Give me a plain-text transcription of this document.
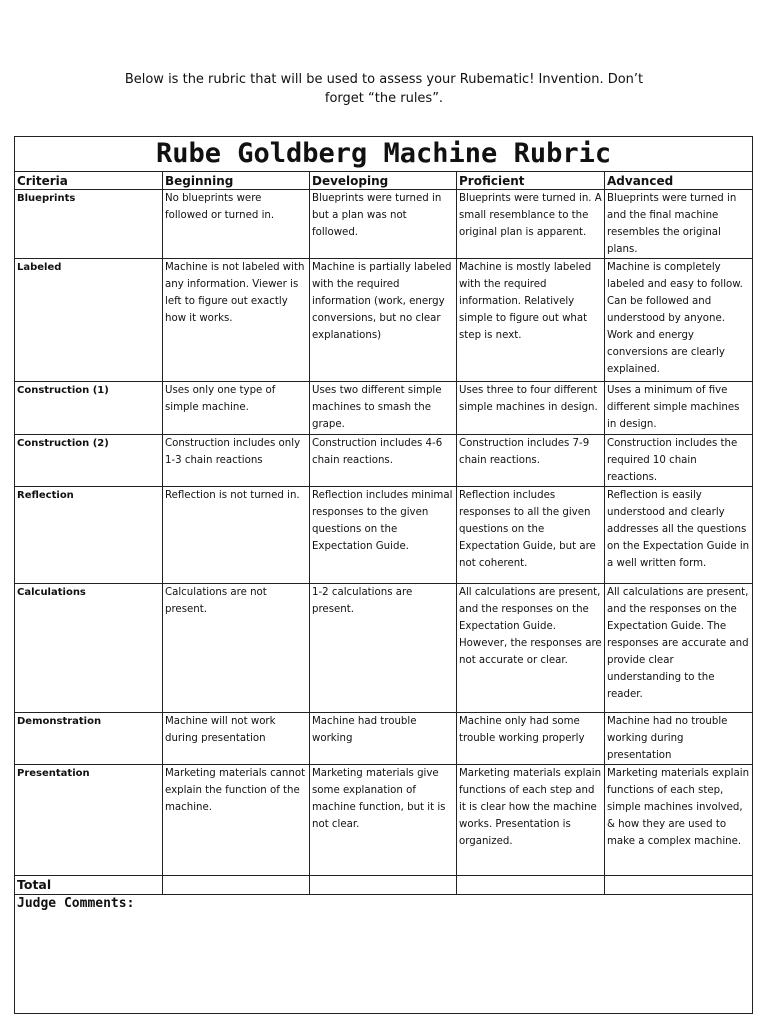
Below is the rubric that will be used to assess your Rubematic! Invention. Don’t
forget “the rules”.
Rube Goldberg Machine Rubric				
Criteria	Beginning	Developing	Proficient	Advanced
Blueprints	No blueprints were followed or turned in.	Blueprints were turned in but a plan was not followed.	Blueprints were turned in. A small resemblance to the original plan is apparent.	Blueprints were turned in and the final machine resembles the original plans.
Labeled	Machine is not labeled with any information. Viewer is left to figure out exactly how it works.	Machine is partially labeled with the required information (work, energy conversions, but no clear explanations)	Machine is mostly labeled with the required information. Relatively simple to figure out what step is next.	Machine is completely labeled and easy to follow. Can be followed and understood by anyone. Work and energy conversions are clearly explained.
Construction (1)	Uses only one type of simple machine.	Uses two different simple machines to smash the grape.	Uses three to four different simple machines in design.	Uses a minimum of five different simple machines in design.
Construction (2)	Construction includes only 1-3 chain reactions	Construction includes 4-6 chain reactions.	Construction includes 7-9 chain reactions.	Construction includes the required 10 chain reactions.
Reflection	Reflection is not turned in.	Reflection includes minimal responses to the given questions on the Expectation Guide.	Reflection includes responses to all the given questions on the Expectation Guide, but are not coherent.	Reflection is easily understood and clearly addresses all the questions on the Expectation Guide in a well written form.
Calculations	Calculations are not present.	1-2 calculations are present.	All calculations are present, and the responses on the Expectation Guide. However, the responses are not accurate or clear.	All calculations are present, and the responses on the Expectation Guide. The responses are accurate and provide clear understanding to the reader.
Demonstration	Machine will not work during presentation	Machine had trouble working	Machine only had some trouble working properly	Machine had no trouble working during presentation
Presentation	Marketing materials cannot explain the function of the machine.	Marketing materials give some explanation of machine function, but it is not clear.	Marketing materials explain functions of each step and it is clear how the machine works. Presentation is organized.	Marketing materials explain functions of each step, simple machines involved, & how they are used to make a complex machine.
Total				
Judge Comments:				
